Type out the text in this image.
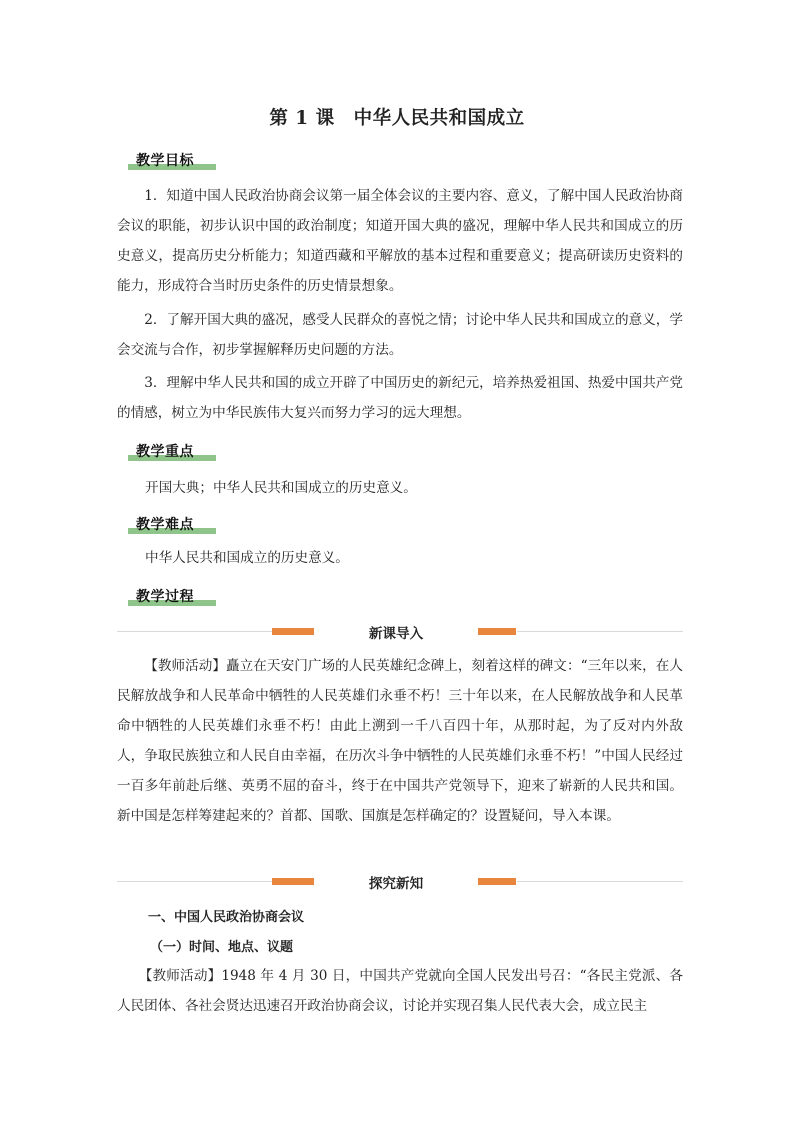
第 1 课　中华人民共和国成立
教学目标
1．知道中国人民政治协商会议第一届全体会议的主要内容、意义，了解中国人民政治协商会议的职能，初步认识中国的政治制度；知道开国大典的盛况，理解中华人民共和国成立的历史意义，提高历史分析能力；知道西藏和平解放的基本过程和重要意义；提高研读历史资料的能力，形成符合当时历史条件的历史情景想象。
2．了解开国大典的盛况，感受人民群众的喜悦之情；讨论中华人民共和国成立的意义，学会交流与合作，初步掌握解释历史问题的方法。
3．理解中华人民共和国的成立开辟了中国历史的新纪元，培养热爱祖国、热爱中国共产党的情感，树立为中华民族伟大复兴而努力学习的远大理想。
教学重点
开国大典；中华人民共和国成立的历史意义。
教学难点
中华人民共和国成立的历史意义。
教学过程
新课导入
【教师活动】矗立在天安门广场的人民英雄纪念碑上，刻着这样的碑文：“三年以来，在人民解放战争和人民革命中牺牲的人民英雄们永垂不朽！三十年以来，在人民解放战争和人民革命中牺牲的人民英雄们永垂不朽！由此上溯到一千八百四十年，从那时起，为了反对内外敌人，争取民族独立和人民自由幸福，在历次斗争中牺牲的人民英雄们永垂不朽！”中国人民经过一百多年前赴后继、英勇不屈的奋斗，终于在中国共产党领导下，迎来了崭新的人民共和国。新中国是怎样筹建起来的？首都、国歌、国旗是怎样确定的？设置疑问，导入本课。
探究新知
一、中国人民政治协商会议
（一）时间、地点、议题
【教师活动】1948 年 4 月 30 日，中国共产党就向全国人民发出号召：“各民主党派、各人民团体、各社会贤达迅速召开政治协商会议，讨论并实现召集人民代表大会，成立民主
